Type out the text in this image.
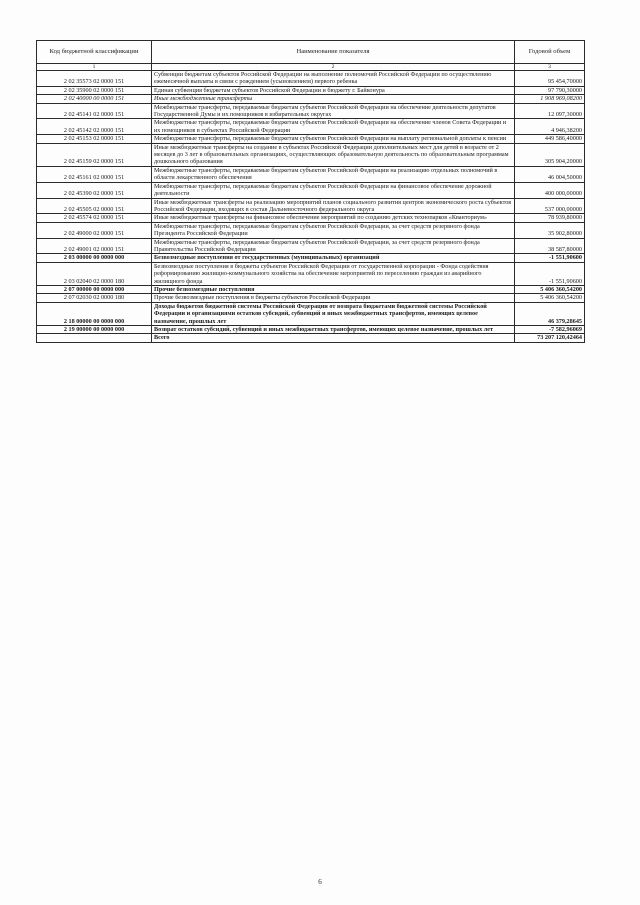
Код бюджетной классификации	Наименование показателя	Годовой объем
1	2	3
2 02 35573 02 0000 151	Субвенции бюджетам субъектов Российской Федерации на выполнение полномочий Российской Федерации по осуществлению ежемесячной выплаты в связи с рождением (усыновлением) первого ребенка	95 454,70000
2 02 35900 02 0000 151	Единая субвенция бюджетам субъектов Российской Федерации и бюджету г. Байконура	97 790,30000
2 02 40000 00 0000 151	Иные межбюджетные трансферты	1 908 969,08200
2 02 45141 02 0000 151	Межбюджетные трансферты, передаваемые бюджетам субъектов Российской Федерации на обеспечение деятельности депутатов Государственной Думы и их помощников в избирательных округах	12 097,30000
2 02 45142 02 0000 151	Межбюджетные трансферты, передаваемые бюджетам субъектов Российской Федерации на обеспечение членов Совета Федерации и их помощников в субъектах Российской Федерации	4 946,38200
2 02 45153 02 0000 151	Межбюджетные трансферты, передаваемые бюджетам субъектов Российской Федерации на выплату региональной доплаты к пенсии	449 586,40000
2 02 45159 02 0000 151	Иные межбюджетные трансферты на создание в субъектах Российской Федерации дополнительных мест для детей в возрасте от 2 месяцев до 3 лет в образовательных организациях, осуществляющих образовательную деятельность по образовательным программам дошкольного образования	305 904,20000
2 02 45161 02 0000 151	Межбюджетные трансферты, передаваемые бюджетам субъектов Российской Федерации на реализацию отдельных полномочий в области лекарственного обеспечения	46 004,50000
2 02 45390 02 0000 151	Межбюджетные трансферты, передаваемые бюджетам субъектов Российской Федерации на финансовое обеспечение дорожной деятельности	400 000,00000
2 02 45505 02 0000 151	Иные межбюджетные трансферты на реализацию мероприятий планов социального развития центров экономического роста субъектов Российской Федерации, входящих в состав Дальневосточного федерального округа	537 000,00000
2 02 45574 02 0000 151	Иные межбюджетные трансферты на финансовое обеспечение мероприятий по созданию детских технопарков «Кванториум»	78 939,80000
2 02 49000 02 0000 151	Межбюджетные трансферты, передаваемые бюджетам субъектов Российской Федерации, за счет средств резервного фонда Президента Российской Федерации	35 902,80000
2 02 49001 02 0000 151	Межбюджетные трансферты, передаваемые бюджетам субъектов Российской Федерации, за счет средств резервного фонда Правительства Российской Федерации	38 587,80000
2 03 00000 00 0000 000	Безвозмездные поступления от государственных (муниципальных) организаций	-1 551,90600
2 03 02040 02 0000 180	Безвозмездные поступления в бюджеты субъектов Российской Федерации от государственной корпорации - Фонда содействия реформированию жилищно-коммунального хозяйства на обеспечение мероприятий по переселению граждан из аварийного жилищного фонда	-1 551,90600
2 07 00000 00 0000 000	Прочие безвозмездные поступления	5 406 360,54200
2 07 02030 02 0000 180	Прочие безвозмездные поступления в бюджеты субъектов Российской Федерации	5 406 360,54200
2 18 00000 00 0000 000	Доходы бюджетов бюджетной системы Российской Федерации от возврата бюджетами бюджетной системы Российской Федерации и организациями остатков субсидий, субвенций и иных межбюджетных трансфертов, имеющих целевое назначение, прошлых лет	46 379,28645
2 19 00000 00 0000 000	Возврат остатков субсидий, субвенций и иных межбюджетных трансфертов, имеющих целевое назначение, прошлых лет	-7 582,96069
	Всего	73 207 120,42464
6
